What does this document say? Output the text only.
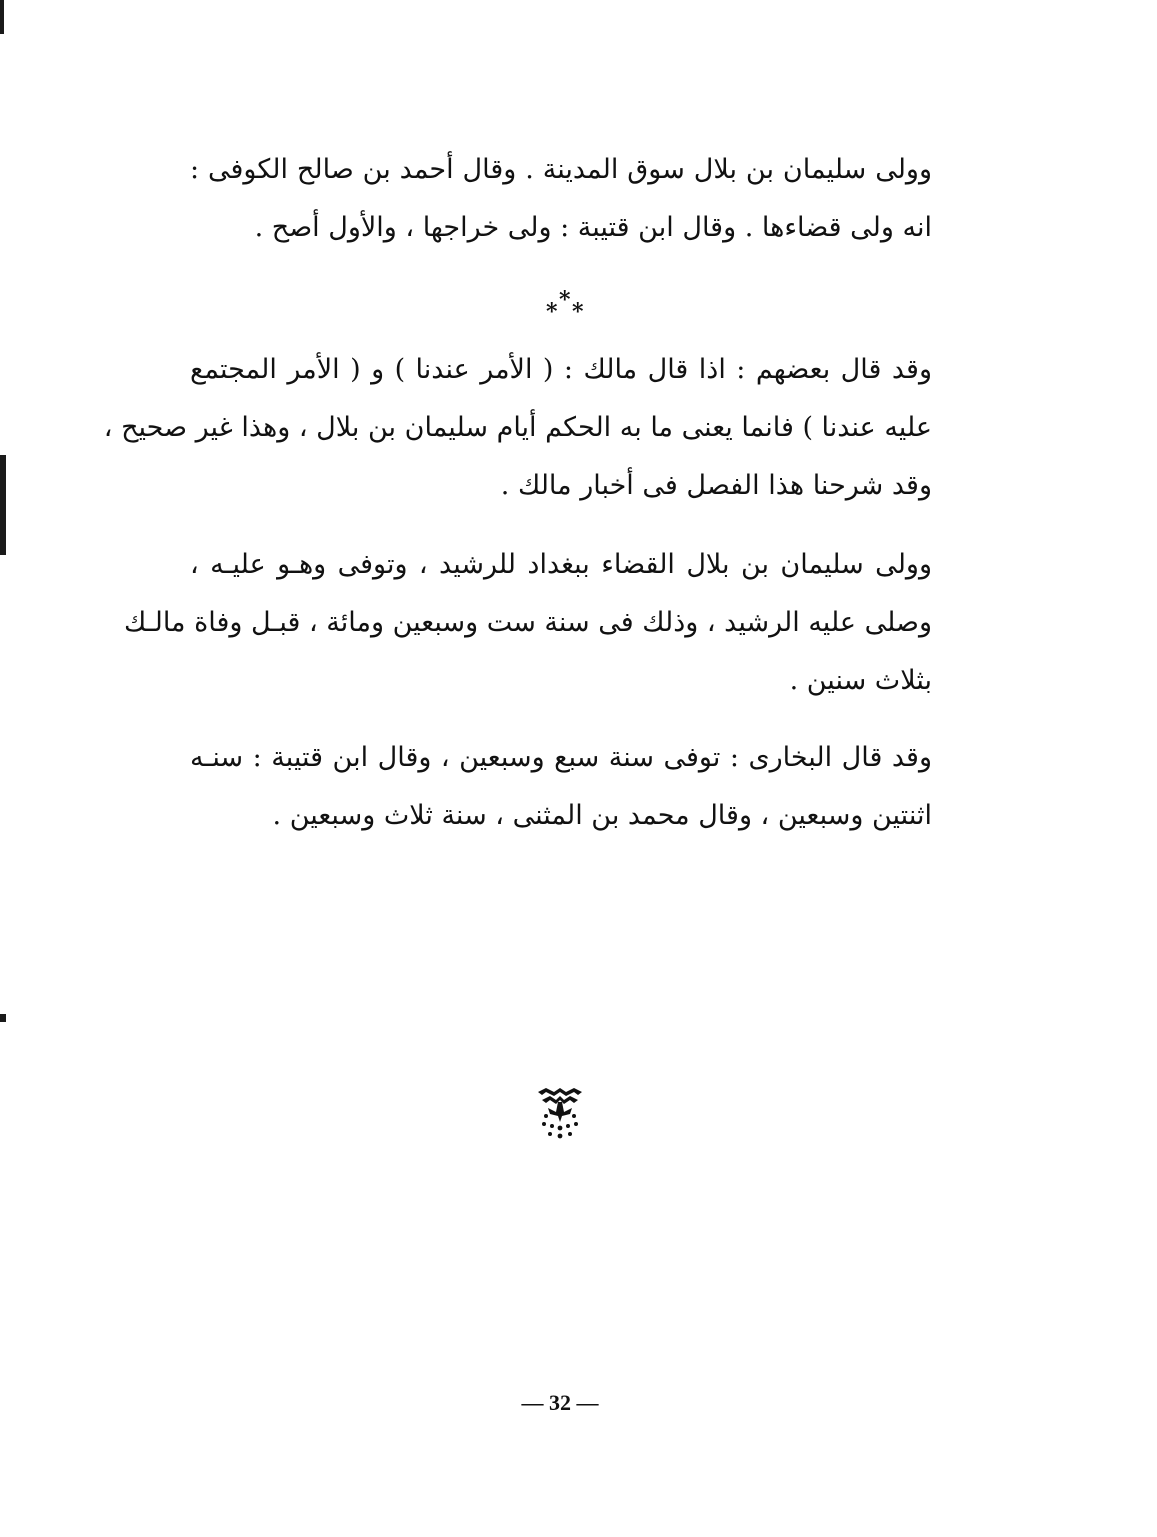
وولى سليمان بن بلال سوق المدينة . وقال أحمد بن صالح الكوفى :
انه ولى قضاءها . وقال ابن قتيبة : ولى خراجها ، والأول أصح .
* * *
وقد قال بعضهم : اذا قال مالك : ( الأمر عندنا ) و ( الأمر المجتمع
عليه عندنا ) فانما يعنى ما به الحكم أيام سليمان بن بلال ، وهذا غير صحيح ،
وقد شرحنا هذا الفصل فى أخبار مالك .
وولى سليمان بن بلال القضاء ببغداد للرشيد ، وتوفى وهـو عليـه ،
وصلى عليه الرشيد ، وذلك فى سنة ست وسبعين ومائة ، قبـل وفاة مالـك
بثلاث سنين .
وقد قال البخارى : توفى سنة سبع وسبعين ، وقال ابن قتيبة : سنـه
اثنتين وسبعين ، وقال محمد بن المثنى ، سنة ثلاث وسبعين .
— 32 —
